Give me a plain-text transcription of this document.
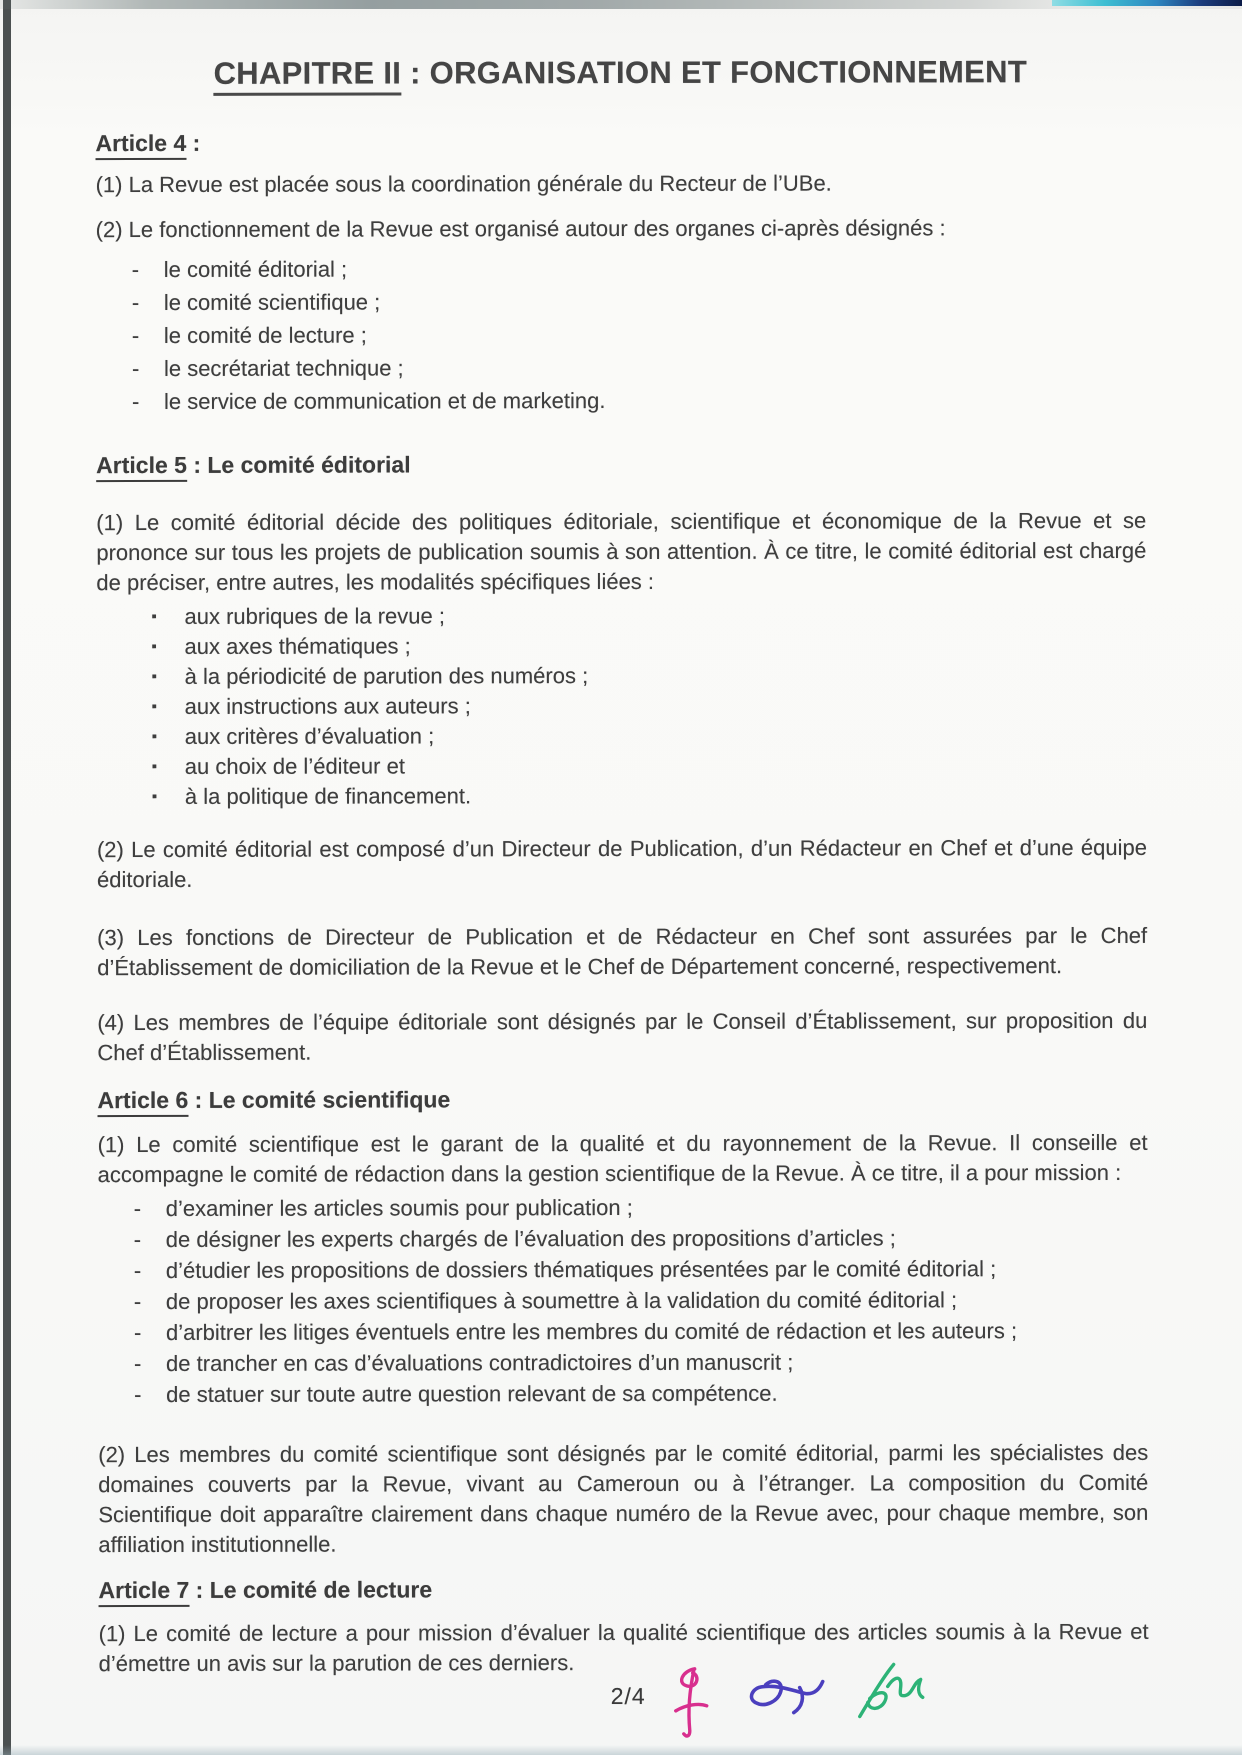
CHAPITRE II : ORGANISATION ET FONCTIONNEMENT
Article 4 :

(1) La Revue est placée sous la coordination générale du Recteur de l’UBe.

(2) Le fonctionnement de la Revue est organisé autour des organes ci-après désignés :

-	le comité éditorial ;
-	le comité scientifique ;
-	le comité de lecture ;
-	le secrétariat technique ;
-	le service de communication et de marketing.
Article 5 : Le comité éditorial

(1) Le comité éditorial décide des politiques éditoriale, scientifique et économique de la Revue et se prononce sur tous les projets de publication soumis à son attention. À ce titre, le comité éditorial est chargé de préciser, entre autres, les modalités spécifiques liées :

▪	aux rubriques de la revue ;
▪	aux axes thématiques ;
▪	à la périodicité de parution des numéros ;
▪	aux instructions aux auteurs ;
▪	aux critères d’évaluation ;
▪	au choix de l’éditeur et
▪	à la politique de financement.

(2) Le comité éditorial est composé d’un Directeur de Publication, d’un Rédacteur en Chef et d’une équipe éditoriale.

(3) Les fonctions de Directeur de Publication et de Rédacteur en Chef sont assurées par le Chef d’Établissement de domiciliation de la Revue et le Chef de Département concerné, respectivement.

(4) Les membres de l’équipe éditoriale sont désignés par le Conseil d’Établissement, sur proposition du Chef d’Établissement.

Article 6 : Le comité scientifique

(1) Le comité scientifique est le garant de la qualité et du rayonnement de la Revue. Il conseille et accompagne le comité de rédaction dans la gestion scientifique de la Revue. À ce titre, il a pour mission :

-	d’examiner les articles soumis pour publication ;
-	de désigner les experts chargés de l’évaluation des propositions d’articles ;
-	d’étudier les propositions de dossiers thématiques présentées par le comité éditorial ;
-	de proposer les axes scientifiques à soumettre à la validation du comité éditorial ;
-	d’arbitrer les litiges éventuels entre les membres du comité de rédaction et les auteurs ;
-	de trancher en cas d’évaluations contradictoires d’un manuscrit ;
-	de statuer sur toute autre question relevant de sa compétence.

(2) Les membres du comité scientifique sont désignés par le comité éditorial, parmi les spécialistes des domaines couverts par la Revue, vivant au Cameroun ou à l’étranger. La composition du Comité Scientifique doit apparaître clairement dans chaque numéro de la Revue avec, pour chaque membre, son affiliation institutionnelle.

Article 7 : Le comité de lecture

(1) Le comité de lecture a pour mission d’évaluer la qualité scientifique des articles soumis à la Revue et d’émettre un avis sur la parution de ces derniers.

2/4
